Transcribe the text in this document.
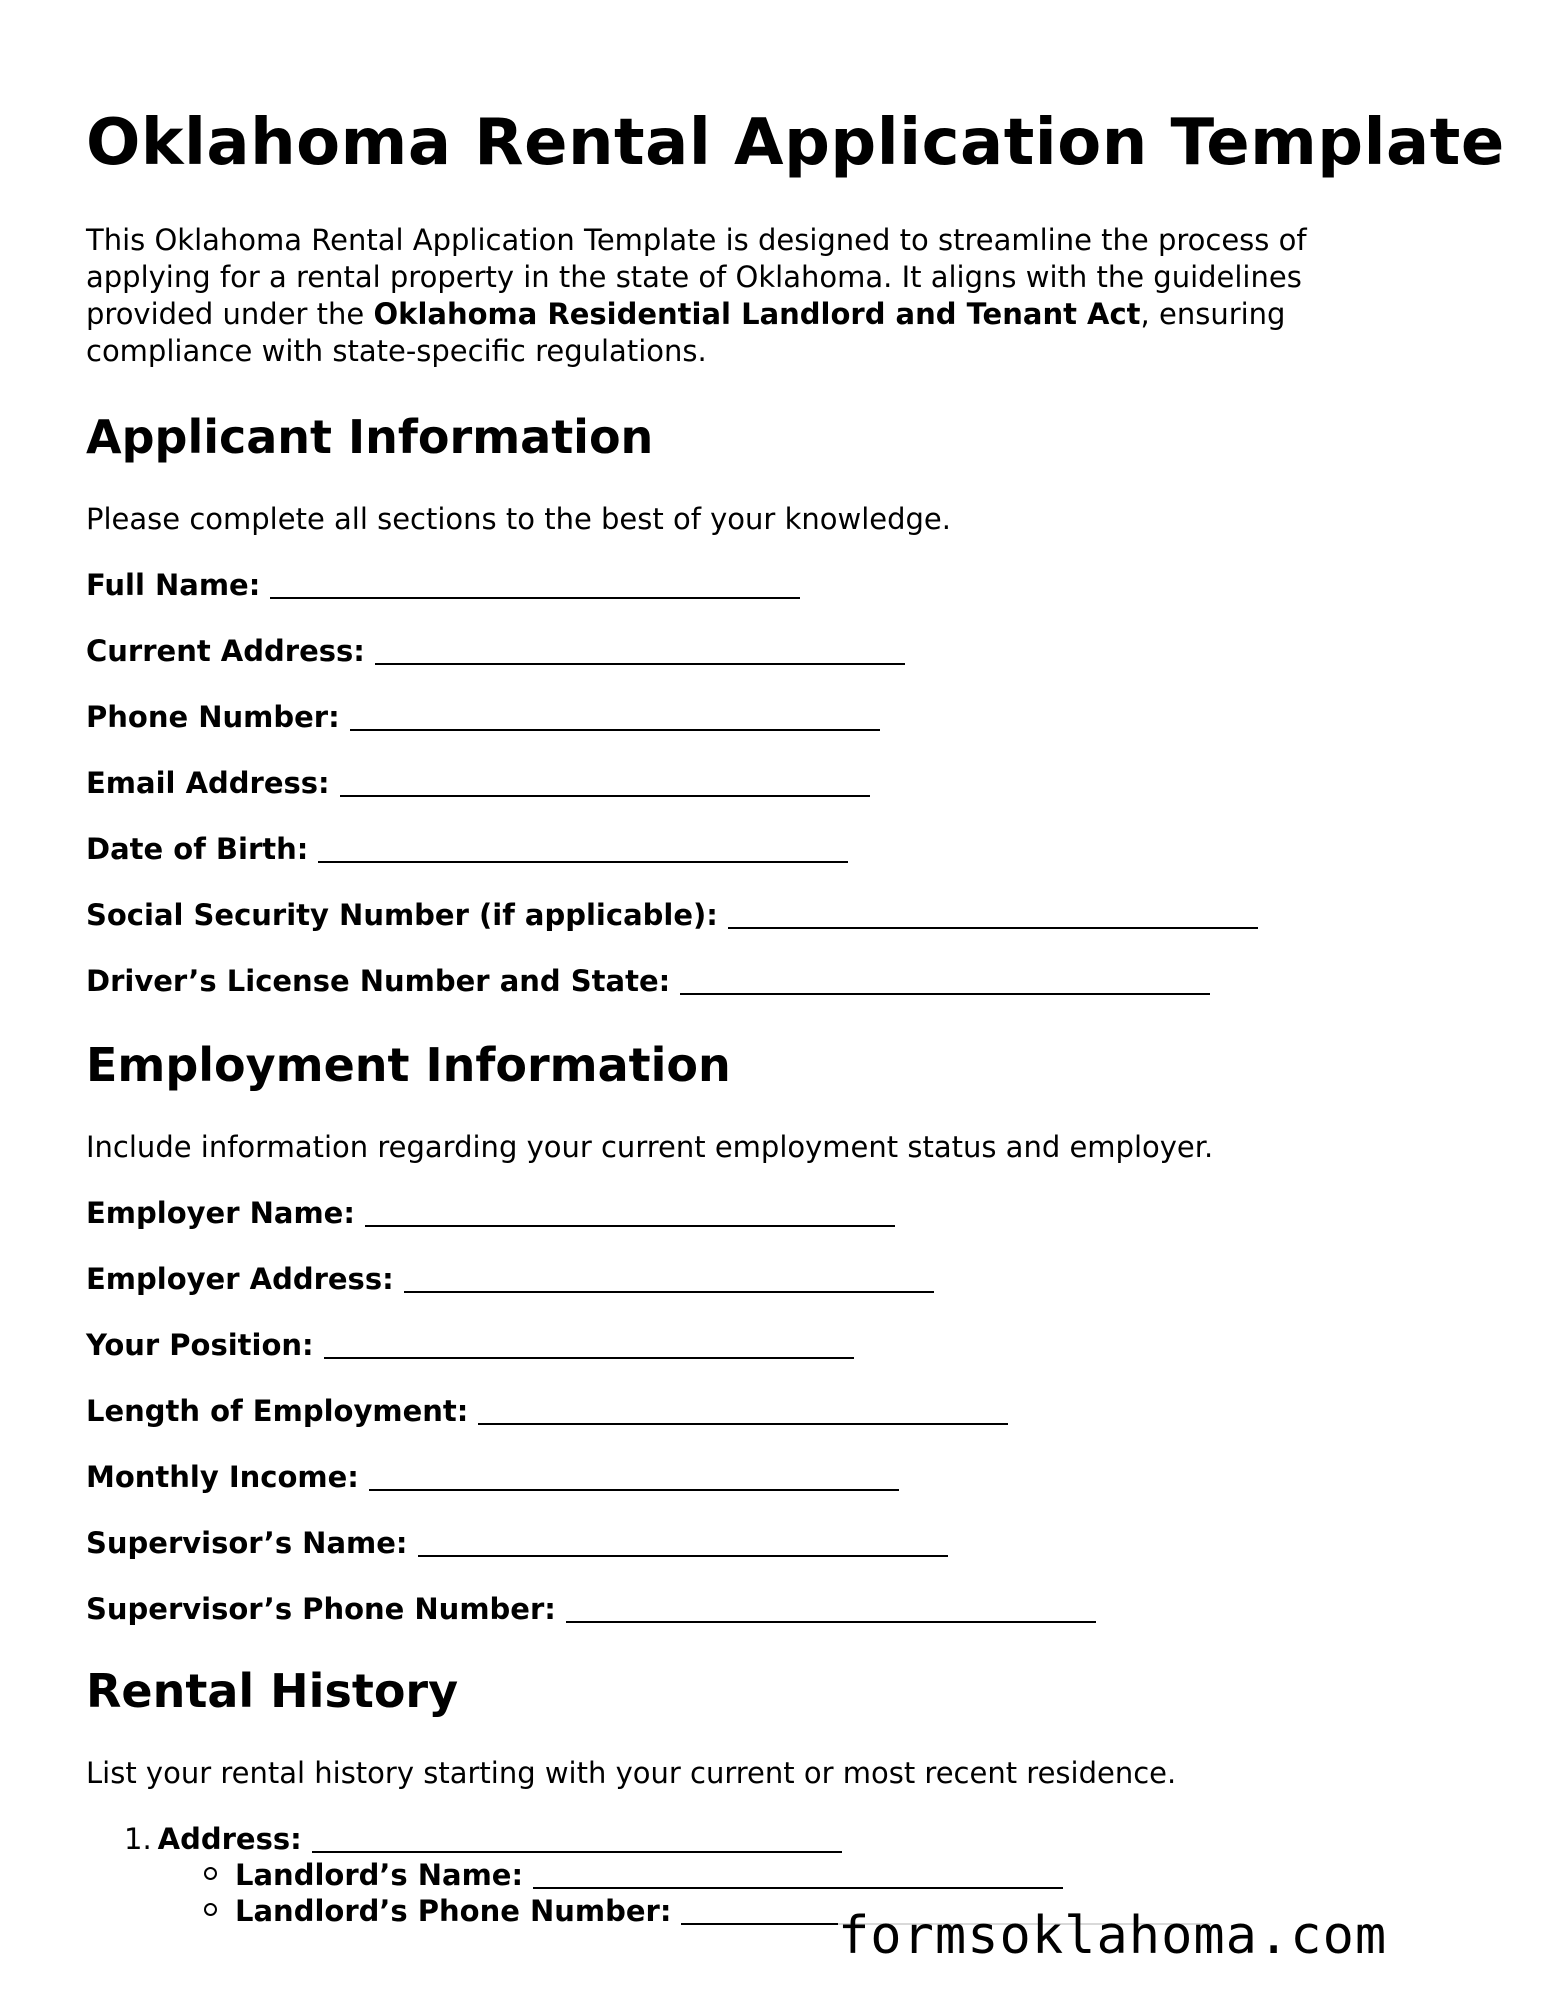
Oklahoma Rental Application Template

This Oklahoma Rental Application Template is designed to streamline the process of applying for a rental property in the state of Oklahoma. It aligns with the guidelines provided under the Oklahoma Residential Landlord and Tenant Act, ensuring compliance with state-specific regulations.

Applicant Information

Please complete all sections to the best of your knowledge.

Full Name:
Current Address:
Phone Number:
Email Address:
Date of Birth:
Social Security Number (if applicable):
Driver’s License Number and State:
Employment Information

Include information regarding your current employment status and employer.

Employer Name:
Employer Address:
Your Position:
Length of Employment:
Monthly Income:
Supervisor’s Name:
Supervisor’s Phone Number:
Rental History

List your rental history starting with your current or most recent residence.

1. Address:
Landlord’s Name:
Landlord’s Phone Number:	formsoklahoma.com
